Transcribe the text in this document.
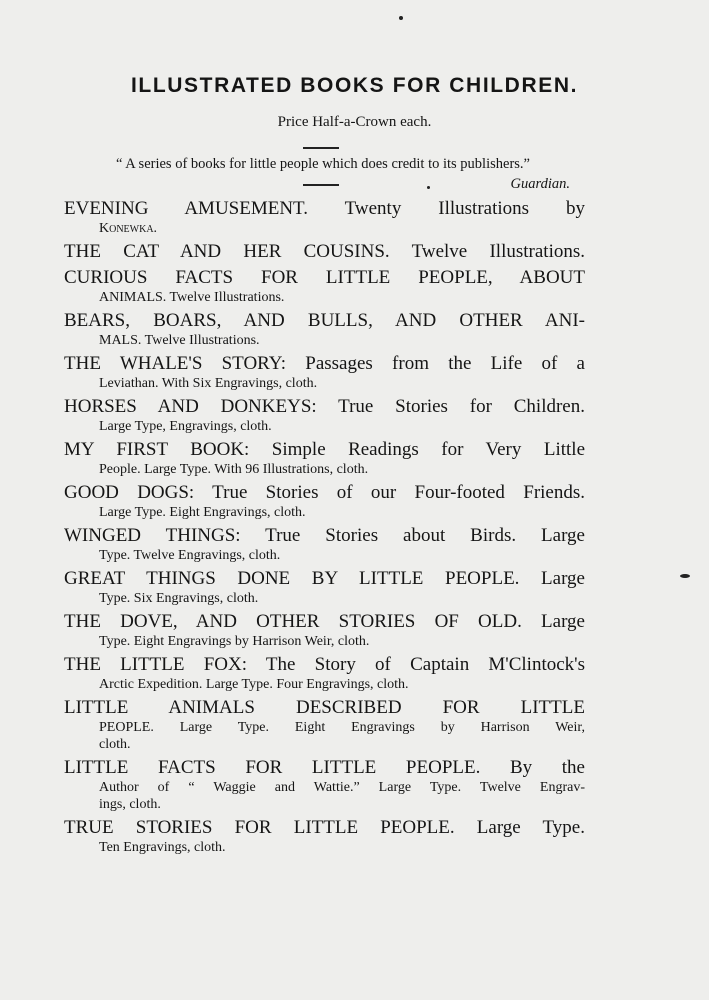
ILLUSTRATED BOOKS FOR CHILDREN.
Price Half-a-Crown each.
“ A series of books for little people which does credit to its publishers.”
Guardian.
EVENING AMUSEMENT. Twenty Illustrations by
Konewka.
THE CAT AND HER COUSINS. Twelve Illustrations.
CURIOUS FACTS FOR LITTLE PEOPLE, ABOUT
ANIMALS. Twelve Illustrations.
BEARS, BOARS, AND BULLS, AND OTHER ANI-
MALS. Twelve Illustrations.
THE WHALE'S STORY: Passages from the Life of a
Leviathan. With Six Engravings, cloth.
HORSES AND DONKEYS: True Stories for Children.
Large Type, Engravings, cloth.
MY FIRST BOOK: Simple Readings for Very Little
People. Large Type. With 96 Illustrations, cloth.
GOOD DOGS: True Stories of our Four-footed Friends.
Large Type. Eight Engravings, cloth.
WINGED THINGS: True Stories about Birds. Large
Type. Twelve Engravings, cloth.
GREAT THINGS DONE BY LITTLE PEOPLE. Large
Type. Six Engravings, cloth.
THE DOVE, AND OTHER STORIES OF OLD. Large
Type. Eight Engravings by Harrison Weir, cloth.
THE LITTLE FOX: The Story of Captain M'Clintock's
Arctic Expedition. Large Type. Four Engravings, cloth.
LITTLE ANIMALS DESCRIBED FOR LITTLE
PEOPLE. Large Type. Eight Engravings by Harrison Weir,
cloth.
LITTLE FACTS FOR LITTLE PEOPLE. By the
Author of “ Waggie and Wattie.” Large Type. Twelve Engrav-
ings, cloth.
TRUE STORIES FOR LITTLE PEOPLE. Large Type.
Ten Engravings, cloth.
